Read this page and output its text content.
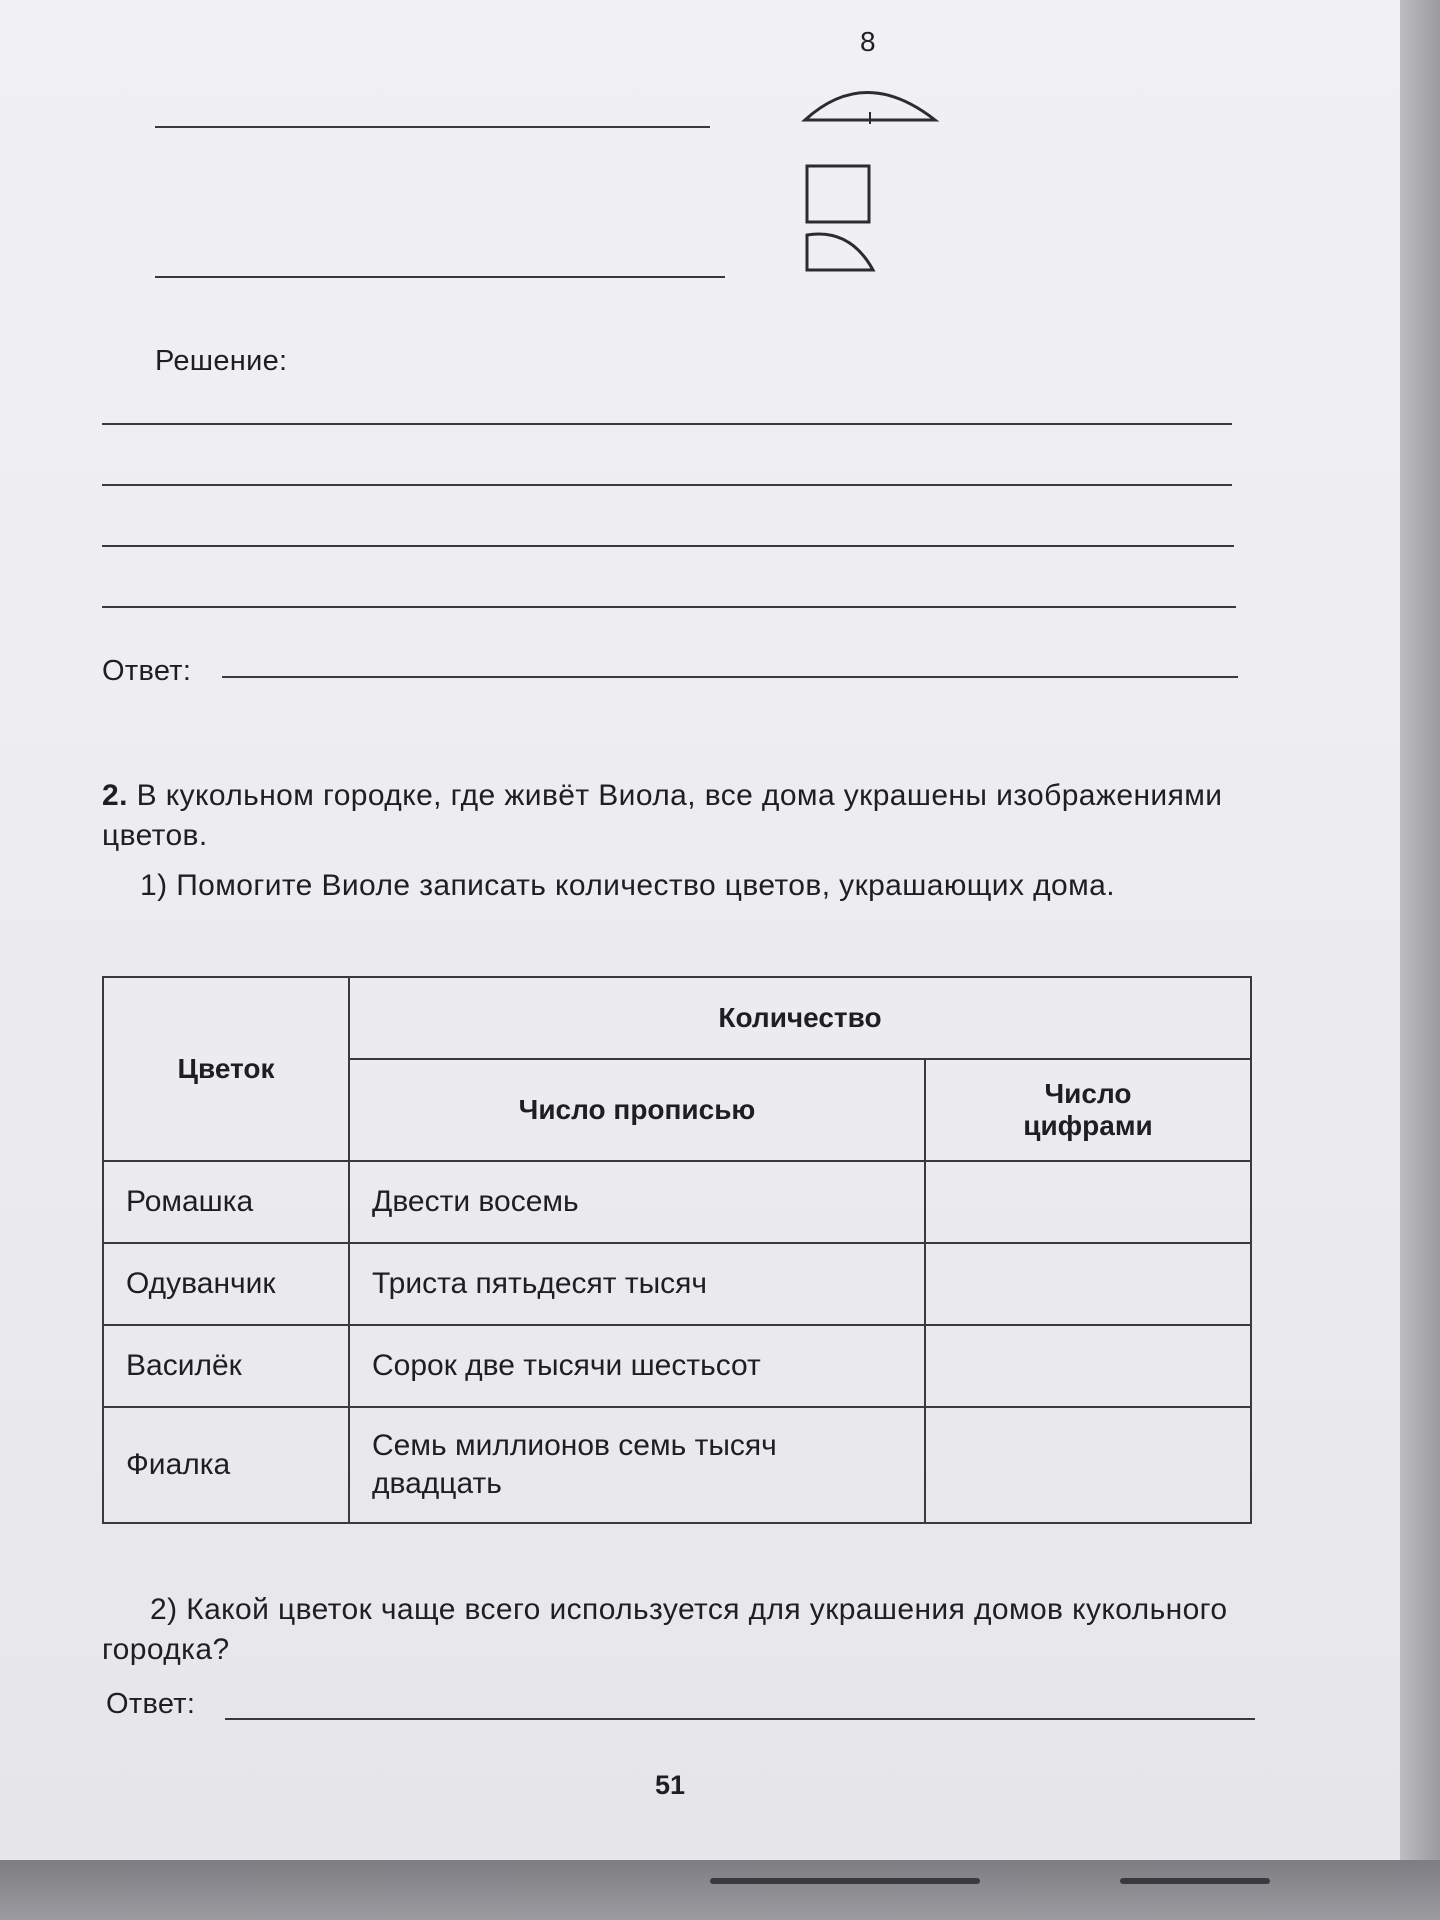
8
Решение:
Ответ:
2. В кукольном городке, где живёт Виола, все дома украшены изображениями цветов.
1) Помогите Виоле записать количество цветов, украшающих дома.
Цветок	Количество	
	Число прописью	Число цифрами
Ромашка	Двести восемь	
Одуванчик	Триста пятьдесят тысяч	
Василёк	Сорок две тысячи шестьсот	
Фиалка	Семь миллионов семь тысяч двадцать	
2) Какой цветок чаще всего используется для украшения домов кукольного городка?
Ответ:
51
